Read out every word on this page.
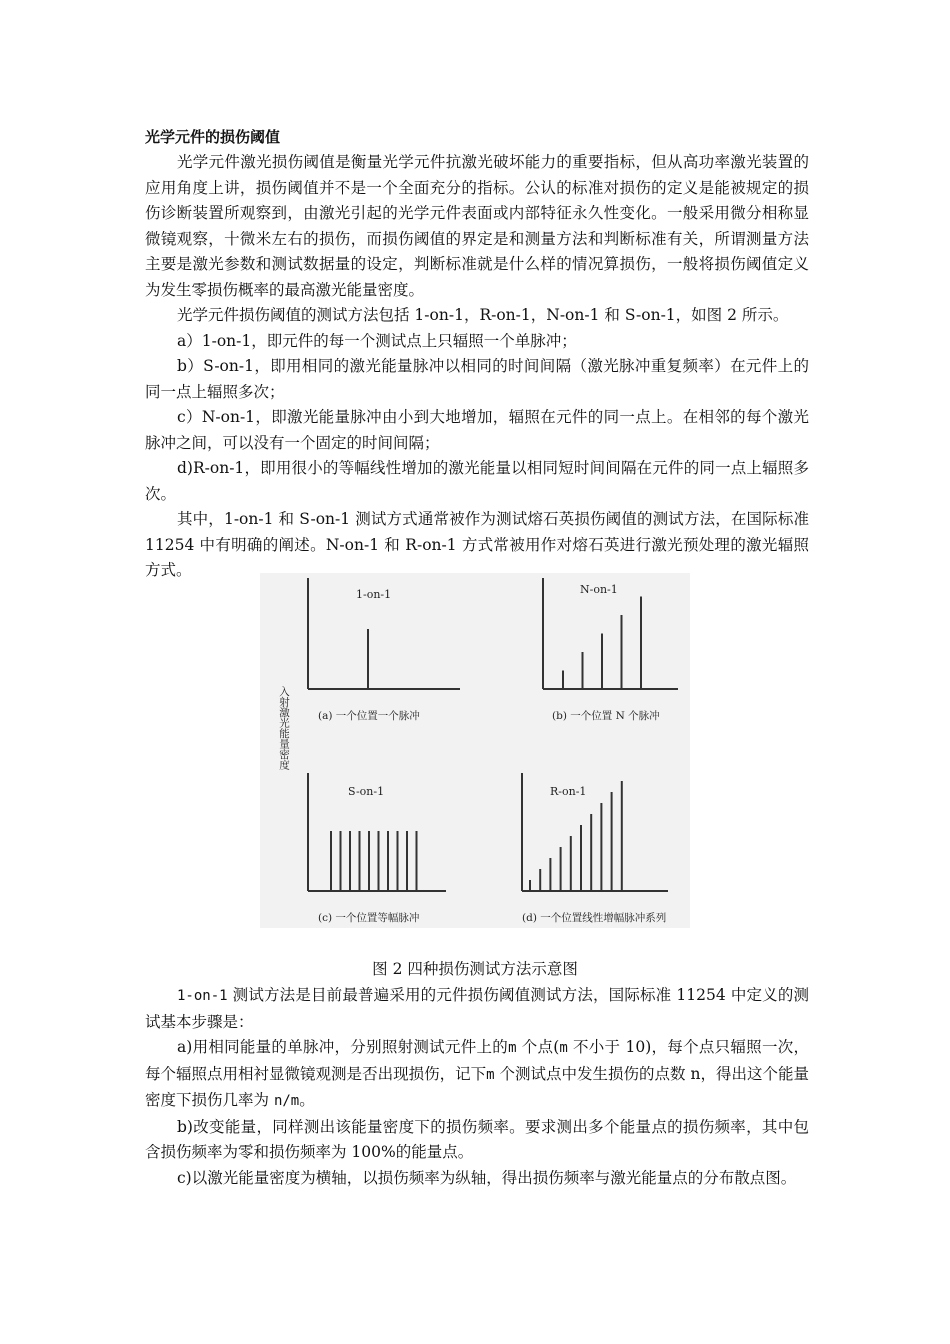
光学元件的损伤阈值

光学元件激光损伤阈值是衡量光学元件抗激光破坏能力的重要指标，但从高功率激光装置的应用角度上讲，损伤阈值并不是一个全面充分的指标。公认的标准对损伤的定义是能被规定的损伤诊断装置所观察到，由激光引起的光学元件表面或内部特征永久性变化。一般采用微分相称显微镜观察，十微米左右的损伤，而损伤阈值的界定是和测量方法和判断标准有关，所谓测量方法主要是激光参数和测试数据量的设定，判断标准就是什么样的情况算损伤，一般将损伤阈值定义为发生零损伤概率的最高激光能量密度。

光学元件损伤阈值的测试方法包括 1-on-1，R-on-1，N-on-1 和 S-on-1，如图 2 所示。

a）1-on-1，即元件的每一个测试点上只辐照一个单脉冲；

b）S-on-1，即用相同的激光能量脉冲以相同的时间间隔（激光脉冲重复频率）在元件上的同一点上辐照多次；

c）N-on-1，即激光能量脉冲由小到大地增加，辐照在元件的同一点上。在相邻的每个激光脉冲之间，可以没有一个固定的时间间隔；

d)R-on-1，即用很小的等幅线性增加的激光能量以相同短时间间隔在元件的同一点上辐照多次。

其中，1-on-1 和 S-on-1 测试方式通常被作为测试熔石英损伤阈值的测试方法，在国际标准 11254 中有明确的阐述。N-on-1 和 R-on-1 方式常被用作对熔石英进行激光预处理的激光辐照方式。

1-on-1	N-on-1
S-on-1	R-on-1
(a) 一个位置一个脉冲	(b) 一个位置 N 个脉冲
(c) 一个位置等幅脉冲	(d) 一个位置线性增幅脉冲系列
入射激光能量密度
图 2 四种损伤测试方法示意图

1-on-1 测试方法是目前最普遍采用的元件损伤阈值测试方法，国际标准 11254 中定义的测试基本步骤是：

a)用相同能量的单脉冲，分别照射测试元件上的m 个点(m 不小于 10)，每个点只辐照一次，每个辐照点用相衬显微镜观测是否出现损伤，记下m 个测试点中发生损伤的点数 n，得出这个能量密度下损伤几率为 n/m。

b)改变能量，同样测出该能量密度下的损伤频率。要求测出多个能量点的损伤频率，其中包含损伤频率为零和损伤频率为 100%的能量点。

c)以激光能量密度为横轴，以损伤频率为纵轴，得出损伤频率与激光能量点的分布散点图。
